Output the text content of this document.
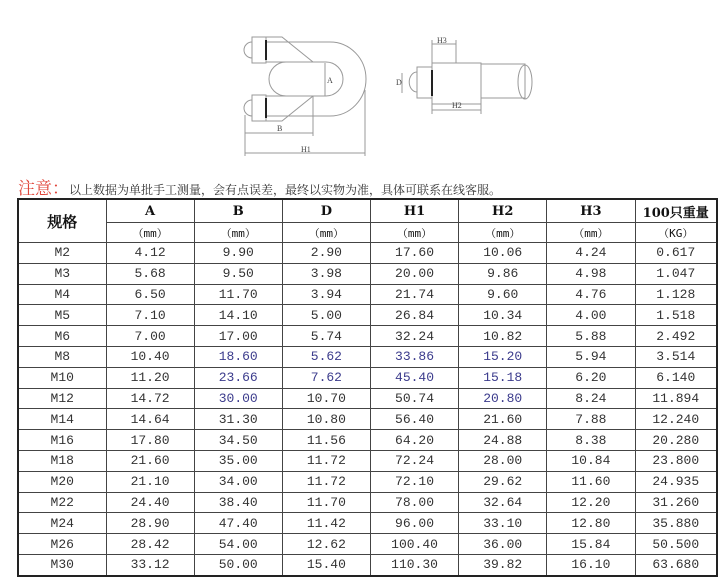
A
B
H1
D
H2
H3
注意：以上数据为单批手工测量，会有点误差，最终以实物为准，具体可联系在线客服。
规格	A	B	D	H1	H2	H3	100只重量
	（mm）	（mm）	（mm）	（mm）	（mm）	（mm）	（KG）
M2	4.12	9.90	2.90	17.60	10.06	4.24	0.617
M3	5.68	9.50	3.98	20.00	9.86	4.98	1.047
M4	6.50	11.70	3.94	21.74	9.60	4.76	1.128
M5	7.10	14.10	5.00	26.84	10.34	4.00	1.518
M6	7.00	17.00	5.74	32.24	10.82	5.88	2.492
M8	10.40	18.60	5.62	33.86	15.20	5.94	3.514
M10	11.20	23.66	7.62	45.40	15.18	6.20	6.140
M12	14.72	30.00	10.70	50.74	20.80	8.24	11.894
M14	14.64	31.30	10.80	56.40	21.60	7.88	12.240
M16	17.80	34.50	11.56	64.20	24.88	8.38	20.280
M18	21.60	35.00	11.72	72.24	28.00	10.84	23.800
M20	21.10	34.00	11.72	72.10	29.62	11.60	24.935
M22	24.40	38.40	11.70	78.00	32.64	12.20	31.260
M24	28.90	47.40	11.42	96.00	33.10	12.80	35.880
M26	28.42	54.00	12.62	100.40	36.00	15.84	50.500
M30	33.12	50.00	15.40	110.30	39.82	16.10	63.680
